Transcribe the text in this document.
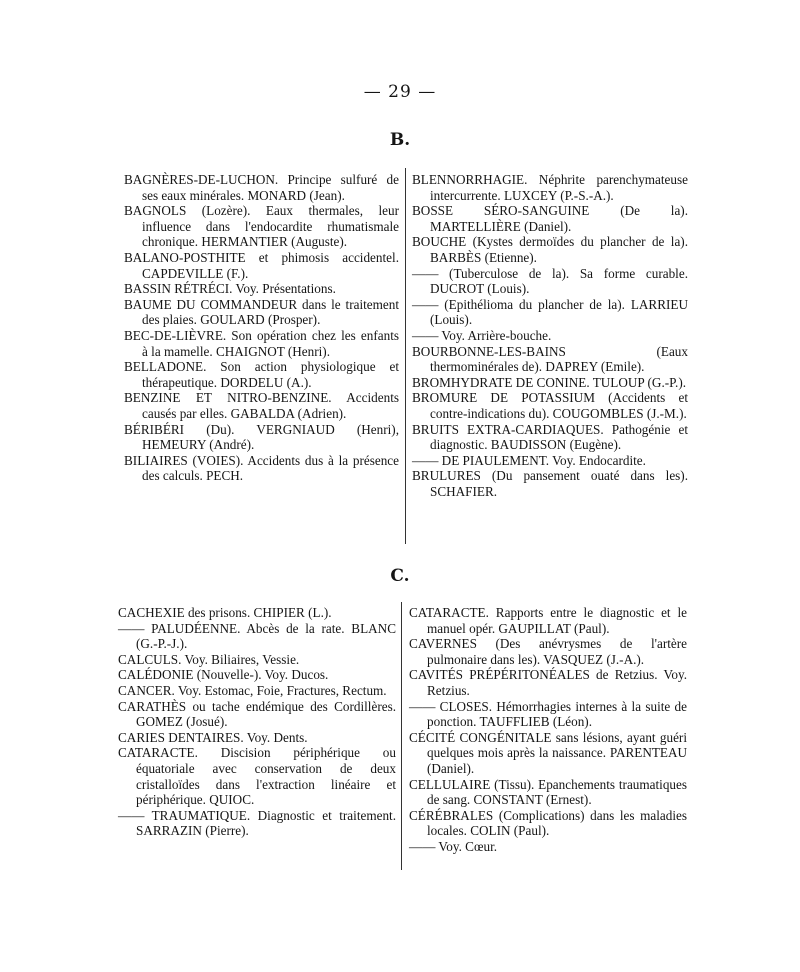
— 29 —
B.

BAGNÈRES-DE-LUCHON. Principe sulfuré de ses eaux minérales. MONARD (Jean).

BAGNOLS (Lozère). Eaux thermales, leur influence dans l'endocardite rhumatismale chronique. HERMANTIER (Auguste).

BALANO-POSTHITE et phimosis accidentel. CAPDEVILLE (F.).

BASSIN RÉTRÉCI. Voy. Présentations.

BAUME DU COMMANDEUR dans le traitement des plaies. GOULARD (Prosper).

BEC-DE-LIÈVRE. Son opération chez les enfants à la mamelle. CHAIGNOT (Henri).

BELLADONE. Son action physiologique et thérapeutique. DORDELU (A.).

BENZINE ET NITRO-BENZINE. Accidents causés par elles. GABALDA (Adrien).

BÉRIBÉRI (Du). VERGNIAUD (Henri), HEMEURY (André).

BILIAIRES (VOIES). Accidents dus à la présence des calculs. PECH.

BLENNORRHAGIE. Néphrite parenchymateuse intercurrente. LUXCEY (P.-S.-A.).

BOSSE SÉRO-SANGUINE (De la). MARTELLIÈRE (Daniel).

BOUCHE (Kystes dermoïdes du plancher de la). BARBÈS (Etienne).

—— (Tuberculose de la). Sa forme curable. DUCROT (Louis).

—— (Epithélioma du plancher de la). LARRIEU (Louis).

—— Voy. Arrière-bouche.

BOURBONNE-LES-BAINS (Eaux thermominérales de). DAPREY (Emile).

BROMHYDRATE DE CONINE. TULOUP (G.-P.).

BROMURE DE POTASSIUM (Accidents et contre-indications du). COUGOMBLES (J.-M.).

BRUITS EXTRA-CARDIAQUES. Pathogénie et diagnostic. BAUDISSON (Eugène).

—— DE PIAULEMENT. Voy. Endocardite.

BRULURES (Du pansement ouaté dans les). SCHAFIER.

C.

CACHEXIE des prisons. CHIPIER (L.).

—— PALUDÉENNE. Abcès de la rate. BLANC (G.-P.-J.).

CALCULS. Voy. Biliaires, Vessie.

CALÉDONIE (Nouvelle-). Voy. Ducos.

CANCER. Voy. Estomac, Foie, Fractures, Rectum.

CARATHÈS ou tache endémique des Cordillères. GOMEZ (Josué).

CARIES DENTAIRES. Voy. Dents.

CATARACTE. Discision périphérique ou équatoriale avec conservation de deux cristalloïdes dans l'extraction linéaire et périphérique. QUIOC.

—— TRAUMATIQUE. Diagnostic et traitement. SARRAZIN (Pierre).

CATARACTE. Rapports entre le diagnostic et le manuel opér. GAUPILLAT (Paul).

CAVERNES (Des anévrysmes de l'artère pulmonaire dans les). VASQUEZ (J.-A.).

CAVITÉS PRÉPÉRITONÉALES de Retzius. Voy. Retzius.

—— CLOSES. Hémorrhagies internes à la suite de ponction. TAUFFLIEB (Léon).

CÉCITÉ CONGÉNITALE sans lésions, ayant guéri quelques mois après la naissance. PARENTEAU (Daniel).

CELLULAIRE (Tissu). Epanchements traumatiques de sang. CONSTANT (Ernest).

CÉRÉBRALES (Complications) dans les maladies locales. COLIN (Paul).

—— Voy. Cœur.
